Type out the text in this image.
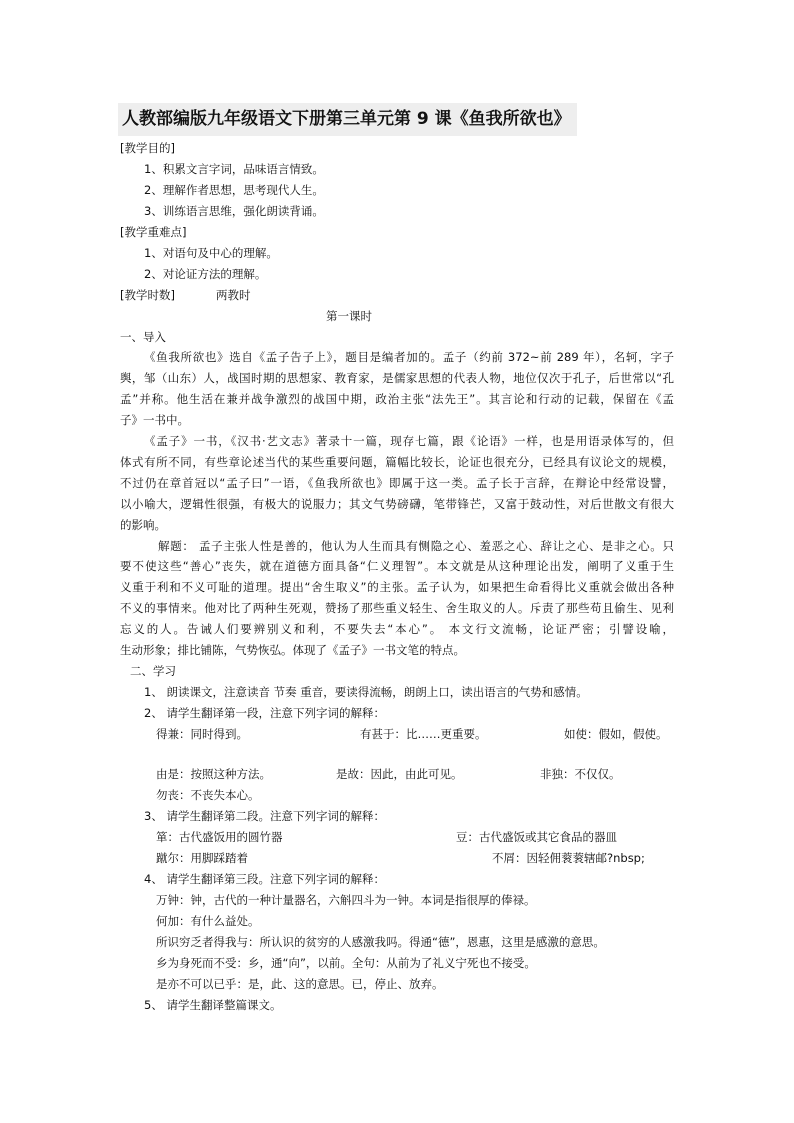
人教部编版九年级语文下册第三单元第 9 课《鱼我所欲也》
[教学目的]
1、积累文言字词，品味语言情致。
2、理解作者思想，思考现代人生。
3、训练语言思维，强化朗读背诵。
[教学重难点]
1、对语句及中心的理解。
2、对论证方法的理解。
[教学时数]	两教时
第一课时
一、导入
《鱼我所欲也》选自《孟子告子上》，题目是编者加的。孟子（约前 372~前 289 年），名轲，字子
舆，邹（山东）人，战国时期的思想家、教育家，是儒家思想的代表人物，地位仅次于孔子，后世常以“孔
孟”并称。他生活在兼并战争激烈的战国中期，政治主张“法先王”。其言论和行动的记载，保留在《孟
子》一书中。
《孟子》一书，《汉书·艺文志》著录十一篇，现存七篇，跟《论语》一样，也是用语录体写的，但
体式有所不同，有些章论述当代的某些重要问题，篇幅比较长，论证也很充分，已经具有议论文的规模，
不过仍在章首冠以“孟子曰”一语，《鱼我所欲也》即属于这一类。孟子长于言辞，在辩论中经常设譬，
以小喻大，逻辑性很强，有极大的说服力；其文气势磅礴，笔带锋芒，又富于鼓动性，对后世散文有很大
的影响。
解题： 孟子主张人性是善的，他认为人生而具有恻隐之心、羞恶之心、辞让之心、是非之心。只
要不使这些“善心”丧失，就在道德方面具备“仁义理智”。本文就是从这种理论出发，阐明了义重于生
义重于利和不义可耻的道理。提出“舍生取义”的主张。孟子认为，如果把生命看得比义重就会做出各种
不义的事情来。他对比了两种生死观，赞扬了那些重义轻生、舍生取义的人。斥责了那些苟且偷生、见利
忘义的人。告诫人们要辨别义和利，不要失去“本心”。 本文行文流畅，论证严密；引譬设喻，
生动形象；排比铺陈，气势恢弘。体现了《孟子》一书文笔的特点。
二、学习
1、 朗读课文，注意读音 节奏 重音，要读得流畅，朗朗上口，读出语言的气势和感情。
2、 请学生翻译第一段，注意下列字词的解释：
得兼：同时得到。	有甚于：比……更重要。	如使：假如，假使。
由是：按照这种方法。	是故：因此，由此可见。	非独：不仅仅。
勿丧：不丧失本心。
3、 请学生翻译第二段。注意下列字词的解释：
箪：古代盛饭用的圆竹器	豆：古代盛饭或其它食品的器皿
蹴尔：用脚踩踏着	不屑：因轻佣蓘蓘辖邮?nbsp;
4、 请学生翻译第三段。注意下列字词的解释：
万钟：钟，古代的一种计量器名，六斛四斗为一钟。本词是指很厚的俸禄。
何加：有什么益处。
所识穷乏者得我与：所认识的贫穷的人感激我吗。得通“德”，恩惠，这里是感激的意思。
乡为身死而不受：乡，通“向”，以前。全句：从前为了礼义宁死也不接受。
是亦不可以已乎：是，此、这的意思。已，停止、放弃。
5、 请学生翻译整篇课文。
